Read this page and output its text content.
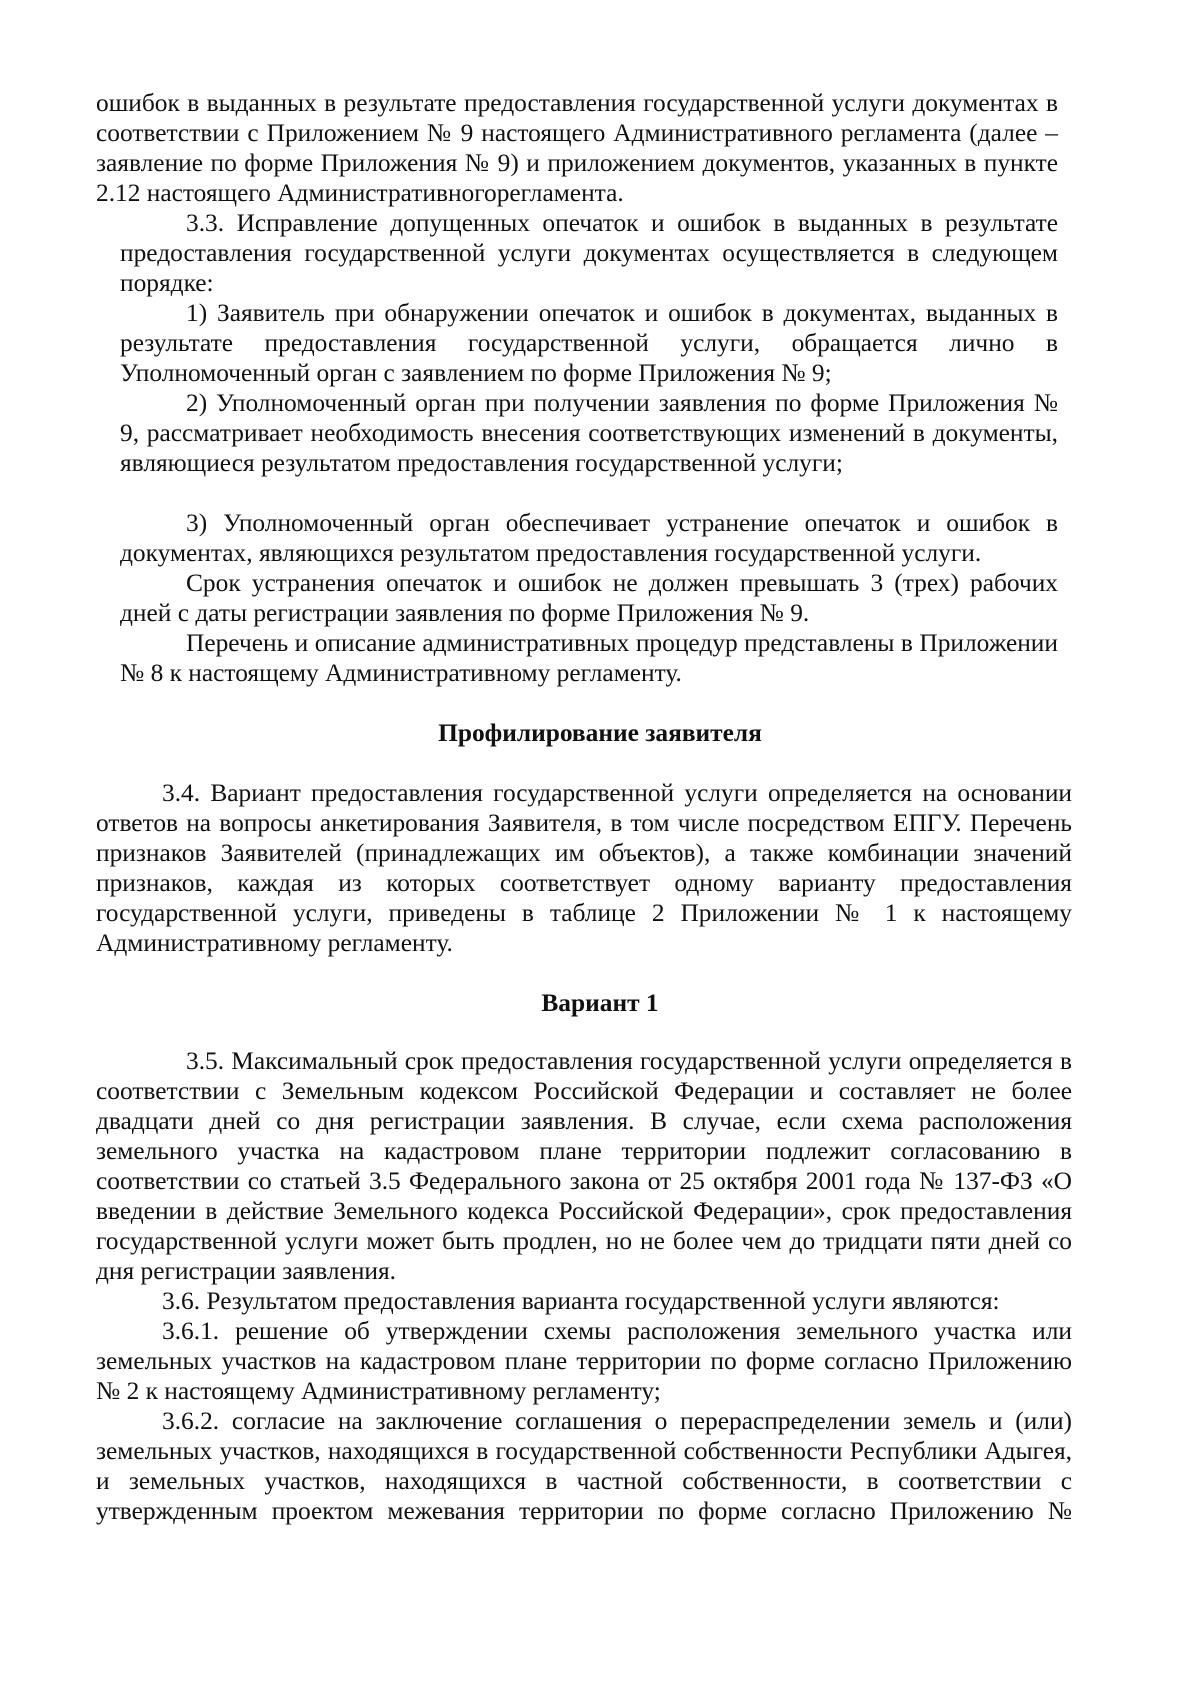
ошибок в выданных в результате предоставления государственной услуги документах в соответствии с Приложением № 9 настоящего Административного регламента (далее – заявление по форме Приложения № 9) и приложением документов, указанных в пункте 2.12 настоящего Административногорегламента.

3.3. Исправление допущенных опечаток и ошибок в выданных в результате предоставления государственной услуги документах осуществляется в следующем порядке:

1) Заявитель при обнаружении опечаток и ошибок в документах, выданных в результате предоставления государственной услуги, обращается лично в Уполномоченный орган с заявлением по форме Приложения № 9;

2) Уполномоченный орган при получении заявления по форме Приложения № 9, рассматривает необходимость внесения соответствующих изменений в документы, являющиеся результатом предоставления государственной услуги;

3) Уполномоченный орган обеспечивает устранение опечаток и ошибок в документах, являющихся результатом предоставления государственной услуги.

Срок устранения опечаток и ошибок не должен превышать 3 (трех) рабочих дней с даты регистрации заявления по форме Приложения № 9.

Перечень и описание административных процедур представлены в Приложении № 8 к настоящему Административному регламенту.

Профилирование заявителя

3.4. Вариант предоставления государственной услуги определяется на основании ответов на вопросы анкетирования Заявителя, в том числе посредством ЕПГУ. Перечень признаков Заявителей (принадлежащих им объектов), а также комбинации значений признаков, каждая из которых соответствует одному варианту предоставления государственной услуги, приведены в таблице 2 Приложении № 1 к настоящему Административному регламенту.

Вариант 1

3.5. Максимальный срок предоставления государственной услуги определяется в соответствии с Земельным кодексом Российской Федерации и составляет не более двадцати дней со дня регистрации заявления. В случае, если схема расположения земельного участка на кадастровом плане территории подлежит согласованию в соответствии со статьей 3.5 Федерального закона от 25 октября 2001 года № 137-ФЗ «О введении в действие Земельного кодекса Российской Федерации», срок предоставления государственной услуги может быть продлен, но не более чем до тридцати пяти дней со дня регистрации заявления.

3.6. Результатом предоставления варианта государственной услуги являются:

3.6.1. решение об утверждении схемы расположения земельного участка или земельных участков на кадастровом плане территории по форме согласно Приложению № 2 к настоящему Административному регламенту;

3.6.2. согласие на заключение соглашения о перераспределении земель и (или) земельных участков, находящихся в государственной собственности Республики Адыгея, и земельных участков, находящихся в частной собственности, в соответствии с утвержденным проектом межевания территории по форме согласно Приложению №
